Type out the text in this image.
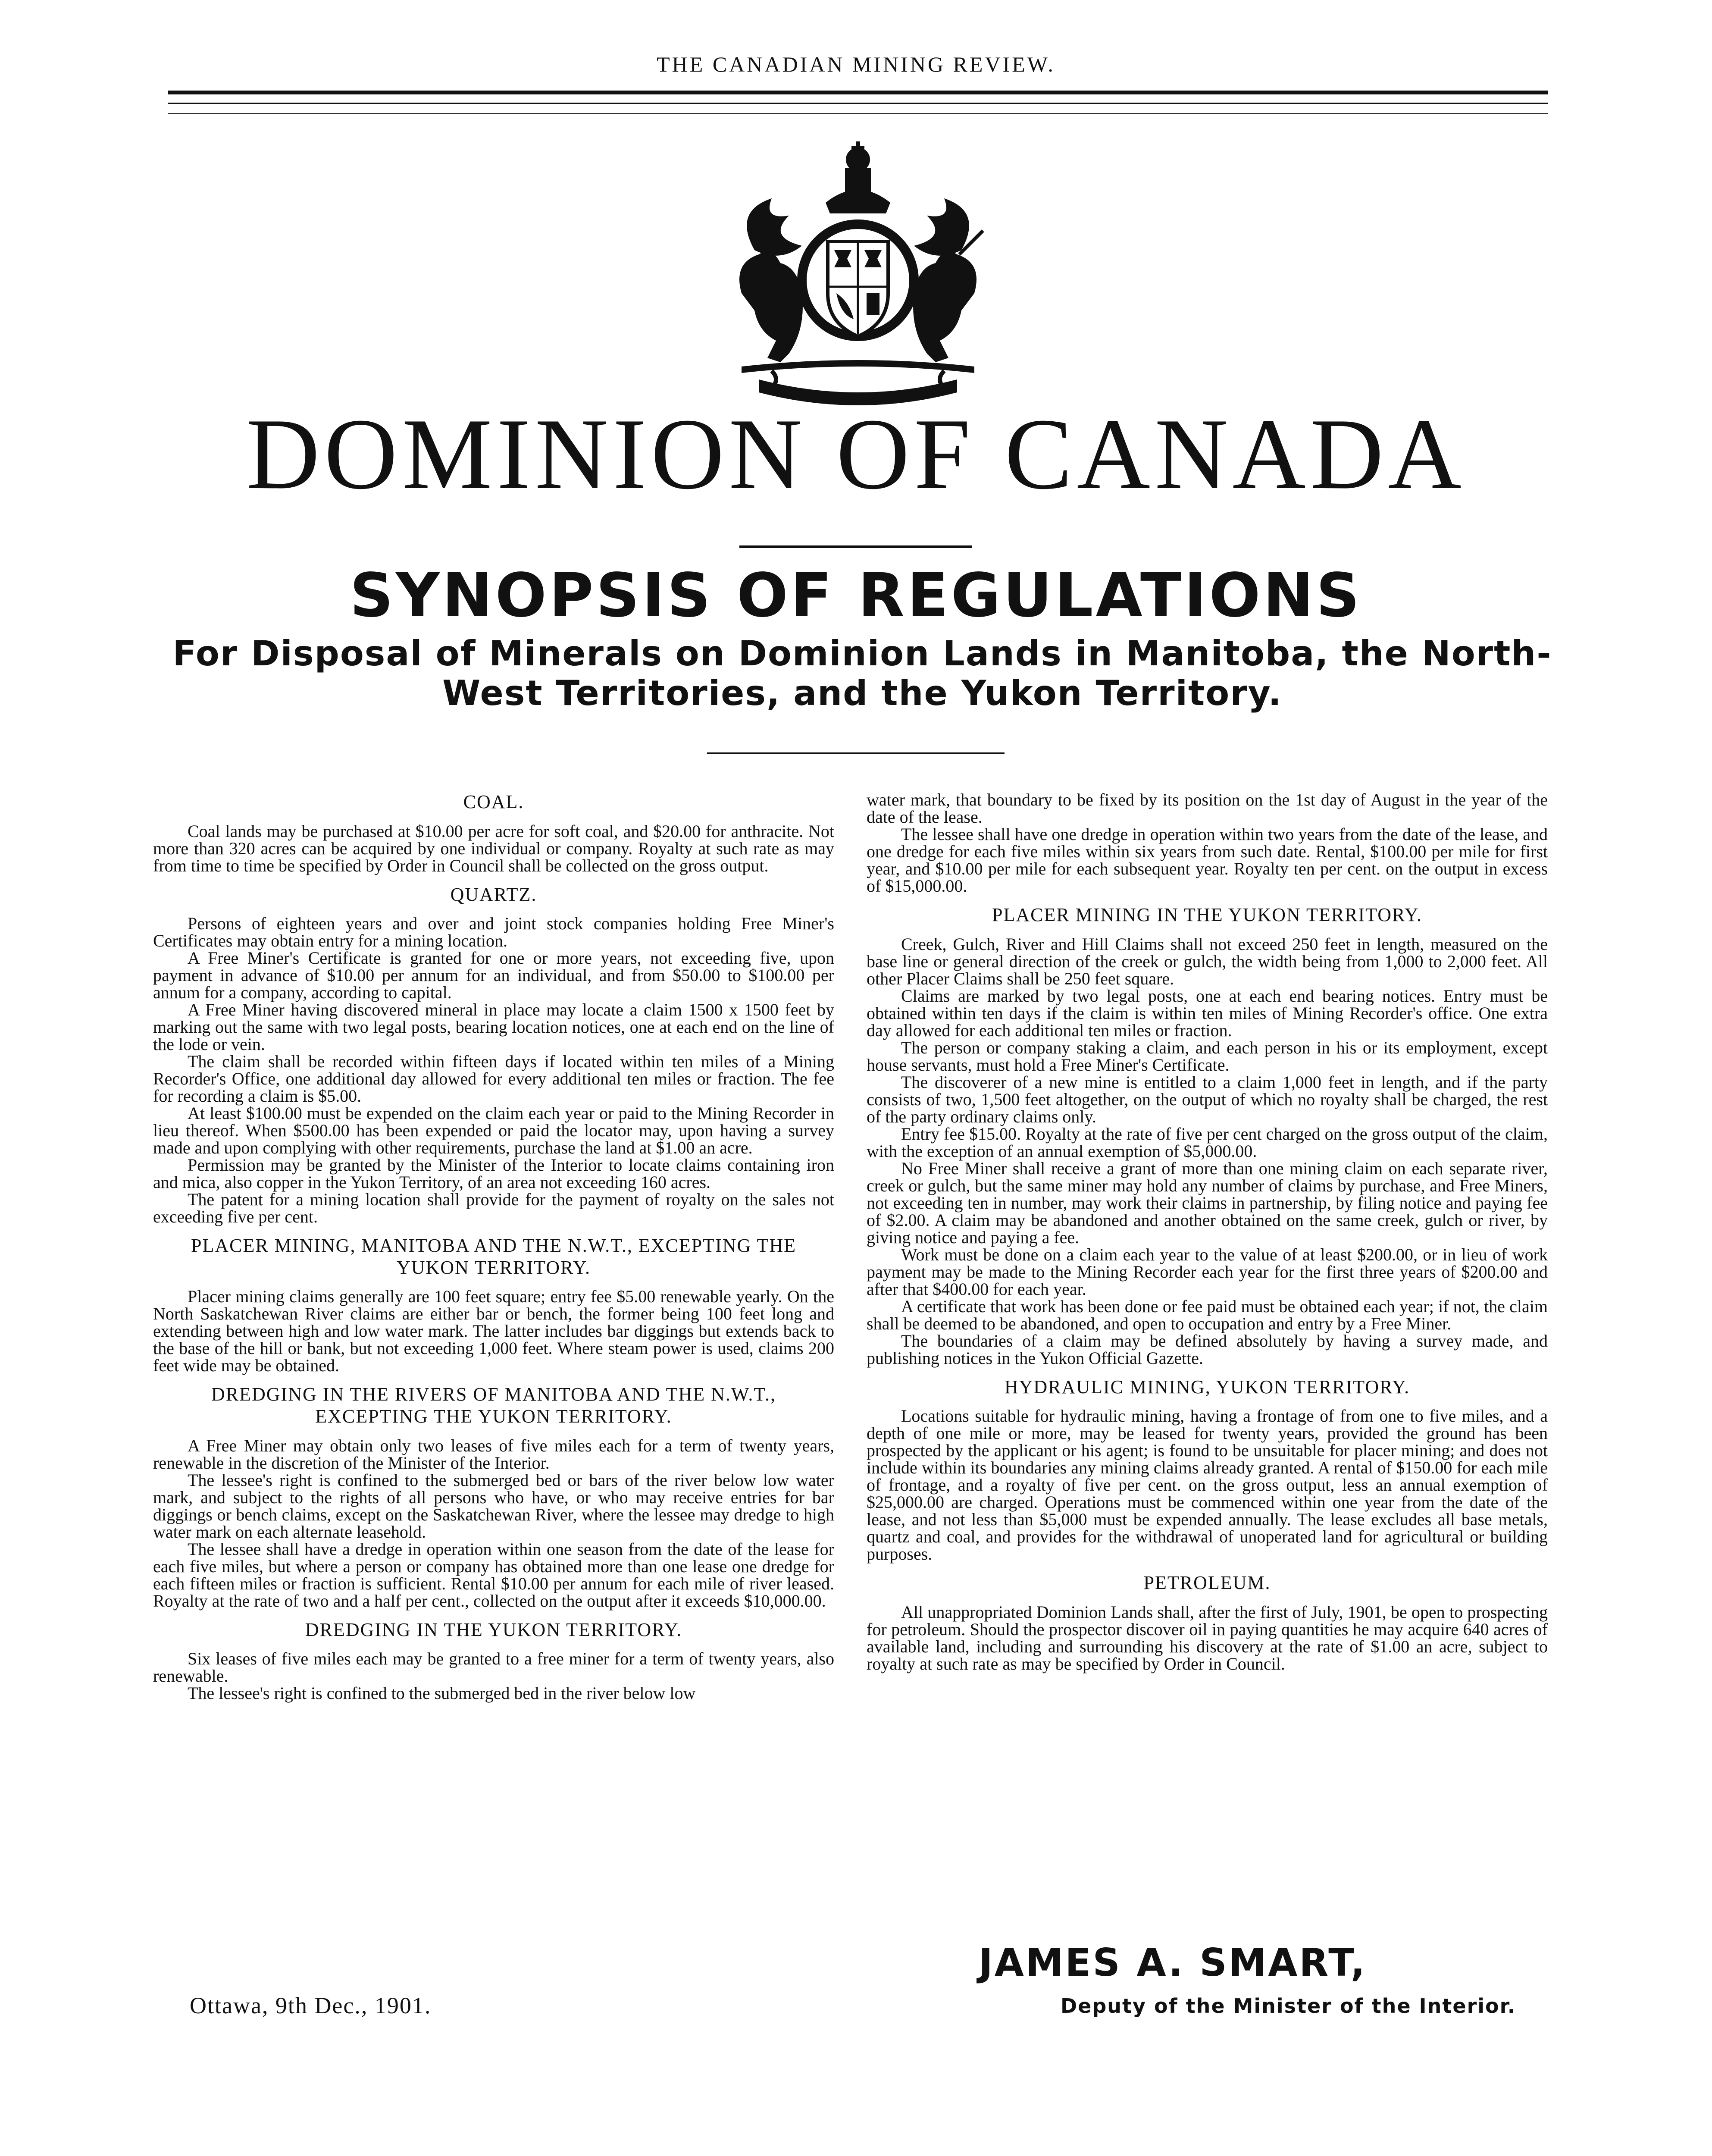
THE CANADIAN MINING REVIEW.
DOMINION OF CANADA
SYNOPSIS OF REGULATIONS
For Disposal of Minerals on Dominion Lands in Manitoba, the North-West Territories, and the Yukon Territory.
COAL.

Coal lands may be purchased at $10.00 per acre for soft coal, and $20.00 for anthracite. Not more than 320 acres can be acquired by one individual or company. Royalty at such rate as may from time to time be specified by Order in Council shall be collected on the gross output.

QUARTZ.

Persons of eighteen years and over and joint stock companies holding Free Miner's Certificates may obtain entry for a mining location.

A Free Miner's Certificate is granted for one or more years, not exceeding five, upon payment in advance of $10.00 per annum for an individual, and from $50.00 to $100.00 per annum for a company, according to capital.

A Free Miner having discovered mineral in place may locate a claim 1500 x 1500 feet by marking out the same with two legal posts, bearing location notices, one at each end on the line of the lode or vein.

The claim shall be recorded within fifteen days if located within ten miles of a Mining Recorder's Office, one additional day allowed for every additional ten miles or fraction. The fee for recording a claim is $5.00.

At least $100.00 must be expended on the claim each year or paid to the Mining Recorder in lieu thereof. When $500.00 has been expended or paid the locator may, upon having a survey made and upon complying with other requirements, purchase the land at $1.00 an acre.

Permission may be granted by the Minister of the Interior to locate claims containing iron and mica, also copper in the Yukon Territory, of an area not exceeding 160 acres.

The patent for a mining location shall provide for the payment of royalty on the sales not exceeding five per cent.

PLACER MINING, MANITOBA AND THE N.W.T., EXCEPTING THE YUKON TERRITORY.

Placer mining claims generally are 100 feet square; entry fee $5.00 renewable yearly. On the North Saskatchewan River claims are either bar or bench, the former being 100 feet long and extending between high and low water mark. The latter includes bar diggings but extends back to the base of the hill or bank, but not exceeding 1,000 feet. Where steam power is used, claims 200 feet wide may be obtained.

DREDGING IN THE RIVERS OF MANITOBA AND THE N.W.T., EXCEPTING THE YUKON TERRITORY.

A Free Miner may obtain only two leases of five miles each for a term of twenty years, renewable in the discretion of the Minister of the Interior.

The lessee's right is confined to the submerged bed or bars of the river below low water mark, and subject to the rights of all persons who have, or who may receive entries for bar diggings or bench claims, except on the Saskatchewan River, where the lessee may dredge to high water mark on each alternate leasehold.

The lessee shall have a dredge in operation within one season from the date of the lease for each five miles, but where a person or company has obtained more than one lease one dredge for each fifteen miles or fraction is sufficient. Rental $10.00 per annum for each mile of river leased. Royalty at the rate of two and a half per cent., collected on the output after it exceeds $10,000.00.

DREDGING IN THE YUKON TERRITORY.

Six leases of five miles each may be granted to a free miner for a term of twenty years, also renewable.

The lessee's right is confined to the submerged bed in the river below low

water mark, that boundary to be fixed by its position on the 1st day of August in the year of the date of the lease.

The lessee shall have one dredge in operation within two years from the date of the lease, and one dredge for each five miles within six years from such date. Rental, $100.00 per mile for first year, and $10.00 per mile for each subsequent year. Royalty ten per cent. on the output in excess of $15,000.00.

PLACER MINING IN THE YUKON TERRITORY.

Creek, Gulch, River and Hill Claims shall not exceed 250 feet in length, measured on the base line or general direction of the creek or gulch, the width being from 1,000 to 2,000 feet. All other Placer Claims shall be 250 feet square.

Claims are marked by two legal posts, one at each end bearing notices. Entry must be obtained within ten days if the claim is within ten miles of Mining Recorder's office. One extra day allowed for each additional ten miles or fraction.

The person or company staking a claim, and each person in his or its employment, except house servants, must hold a Free Miner's Certificate.

The discoverer of a new mine is entitled to a claim 1,000 feet in length, and if the party consists of two, 1,500 feet altogether, on the output of which no royalty shall be charged, the rest of the party ordinary claims only.

Entry fee $15.00. Royalty at the rate of five per cent charged on the gross output of the claim, with the exception of an annual exemption of $5,000.00.

No Free Miner shall receive a grant of more than one mining claim on each separate river, creek or gulch, but the same miner may hold any number of claims by purchase, and Free Miners, not exceeding ten in number, may work their claims in partnership, by filing notice and paying fee of $2.00. A claim may be abandoned and another obtained on the same creek, gulch or river, by giving notice and paying a fee.

Work must be done on a claim each year to the value of at least $200.00, or in lieu of work payment may be made to the Mining Recorder each year for the first three years of $200.00 and after that $400.00 for each year.

A certificate that work has been done or fee paid must be obtained each year; if not, the claim shall be deemed to be abandoned, and open to occupation and entry by a Free Miner.

The boundaries of a claim may be defined absolutely by having a survey made, and publishing notices in the Yukon Official Gazette.

HYDRAULIC MINING, YUKON TERRITORY.

Locations suitable for hydraulic mining, having a frontage of from one to five miles, and a depth of one mile or more, may be leased for twenty years, provided the ground has been prospected by the applicant or his agent; is found to be unsuitable for placer mining; and does not include within its boundaries any mining claims already granted. A rental of $150.00 for each mile of frontage, and a royalty of five per cent. on the gross output, less an annual exemption of $25,000.00 are charged. Operations must be commenced within one year from the date of the lease, and not less than $5,000 must be expended annually. The lease excludes all base metals, quartz and coal, and provides for the withdrawal of unoperated land for agricultural or building purposes.

PETROLEUM.

All unappropriated Dominion Lands shall, after the first of July, 1901, be open to prospecting for petroleum. Should the prospector discover oil in paying quantities he may acquire 640 acres of available land, including and surrounding his discovery at the rate of $1.00 an acre, subject to royalty at such rate as may be specified by Order in Council.

JAMES A. SMART,
Deputy of the Minister of the Interior.
Ottawa, 9th Dec., 1901.
